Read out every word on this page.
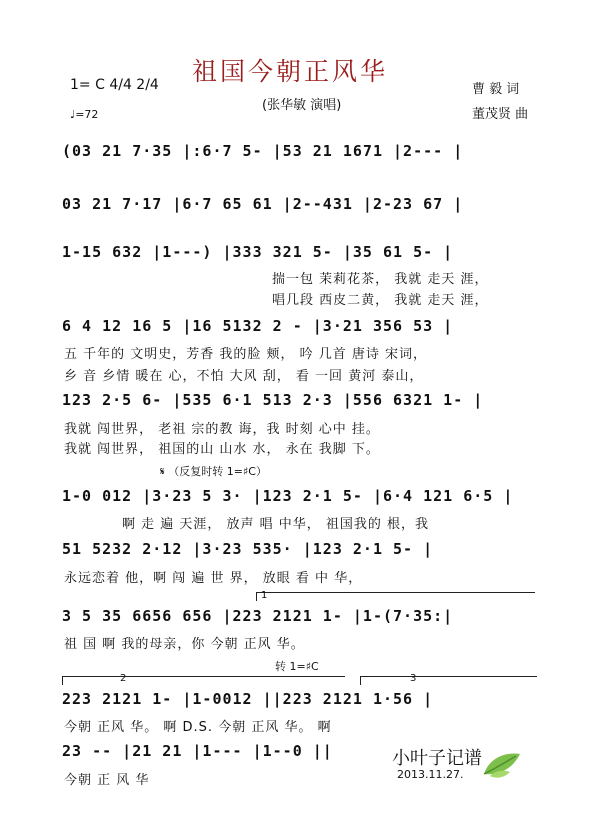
祖国今朝正风华
(张华敏 演唱)
1= C 4/4 2/4
♩=72
曹 毅 词
董茂贤 曲
(03 21 7·35 |:6·7 5- |53 21 1671 |2--- |
03 21 7·17 |6·7 65 61 |2--431 |2-23 67 |
1-15 632 |1---) |333 321 5- |35 61 5- |
揣一包 茉莉花茶， 我就 走天 涯，
唱几段 西皮二黄， 我就 走天 涯，
6 4 12 16 5 |16 5132 2 - |3·21 356 53 |
五 千年的 文明史，芳香 我的脸 颊， 吟 几首 唐诗 宋词，
乡 音 乡情 暖在 心，不怕 大风 刮， 看 一回 黄河 泰山，
123 2·5 6- |535 6·1 513 2·3 |556 6321 1- |
我就 闯世界， 老祖 宗的教 诲，我 时刻 心中 挂。
我就 闯世界， 祖国的山 山水 水， 永在 我脚 下。
𝄋 （反复时转 1=♯C）
1-0 012 |3·23 5 3· |123 2·1 5- |6·4 121 6·5 |
啊 走 遍 天涯， 放声 唱 中华， 祖国我的 根，我
51 5232 2·12 |3·23 535· |123 2·1 5- |
永远恋着 他，啊 闯 遍 世 界， 放眼 看 中 华，
1
3 5 35 6656 656 |223 2121 1- |1-(7·35:|
祖 国 啊 我的母亲，你 今朝 正风 华。
转 1=♯C
2	3
223 2121 1- |1-0012 ||223 2121 1·56 |
今朝 正风 华。 啊 D.S. 今朝 正风 华。 啊
23 -- |21 21 |1--- |1--0 ||
今朝 正 风 华
小叶子记谱
2013.11.27.
